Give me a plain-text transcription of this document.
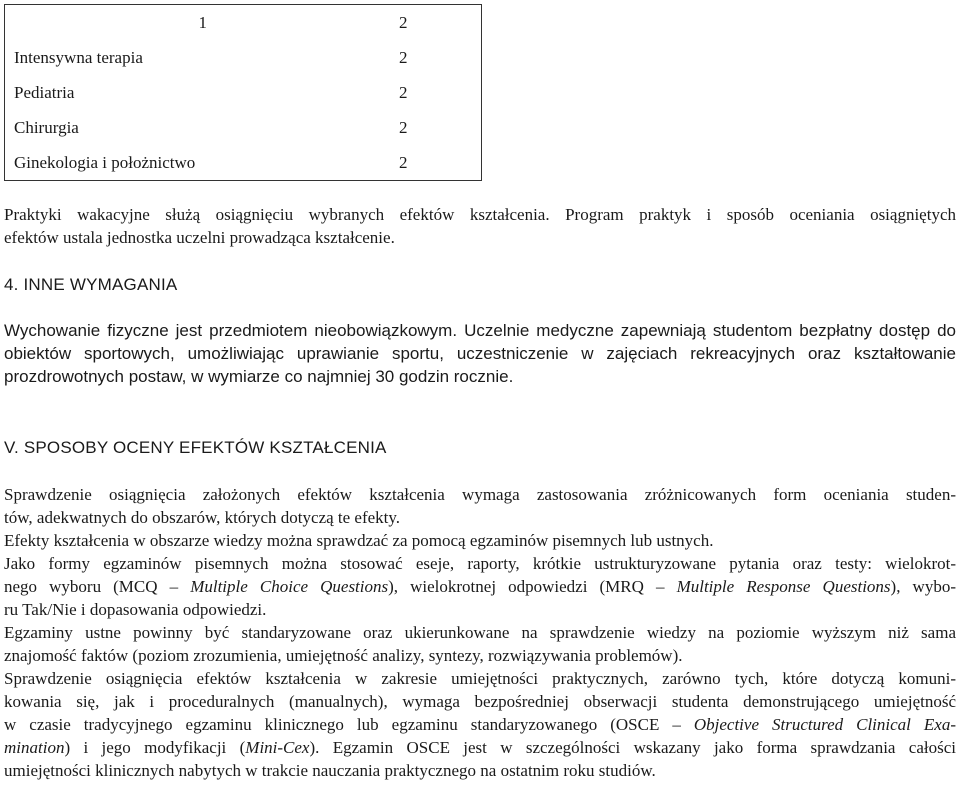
1	2
Intensywna terapia	2
Pediatria	2
Chirurgia	2
Ginekologia i położnictwo	2
Praktyki wakacyjne służą osiągnięciu wybranych efektów kształcenia. Program praktyk i sposób oceniania osiągniętych
efektów ustala jednostka uczelni prowadząca kształcenie.
4. INNE WYMAGANIA
Wychowanie fizyczne jest przedmiotem nieobowiązkowym. Uczelnie medyczne zapewniają studentom bezpłatny dostęp do
obiektów sportowych, umożliwiając uprawianie sportu, uczestniczenie w zajęciach rekreacyjnych oraz kształtowanie
prozdrowotnych postaw, w wymiarze co najmniej 30 godzin rocznie.
V. SPOSOBY OCENY EFEKTÓW KSZTAŁCENIA
Sprawdzenie osiągnięcia założonych efektów kształcenia wymaga zastosowania zróżnicowanych form oceniania studen-
tów, adekwatnych do obszarów, których dotyczą te efekty.
Efekty kształcenia w obszarze wiedzy można sprawdzać za pomocą egzaminów pisemnych lub ustnych.
Jako formy egzaminów pisemnych można stosować eseje, raporty, krótkie ustrukturyzowane pytania oraz testy: wielokrot-
nego wyboru (MCQ – Multiple Choice Questions), wielokrotnej odpowiedzi (MRQ – Multiple Response Questions), wybo-
ru Tak/Nie i dopasowania odpowiedzi.
Egzaminy ustne powinny być standaryzowane oraz ukierunkowane na sprawdzenie wiedzy na poziomie wyższym niż sama
znajomość faktów (poziom zrozumienia, umiejętność analizy, syntezy, rozwiązywania problemów).
Sprawdzenie osiągnięcia efektów kształcenia w zakresie umiejętności praktycznych, zarówno tych, które dotyczą komuni-
kowania się, jak i proceduralnych (manualnych), wymaga bezpośredniej obserwacji studenta demonstrującego umiejętność
w czasie tradycyjnego egzaminu klinicznego lub egzaminu standaryzowanego (OSCE – Objective Structured Clinical Exa-
mination) i jego modyfikacji (Mini-Cex). Egzamin OSCE jest w szczególności wskazany jako forma sprawdzania całości
umiejętności klinicznych nabytych w trakcie nauczania praktycznego na ostatnim roku studiów.
